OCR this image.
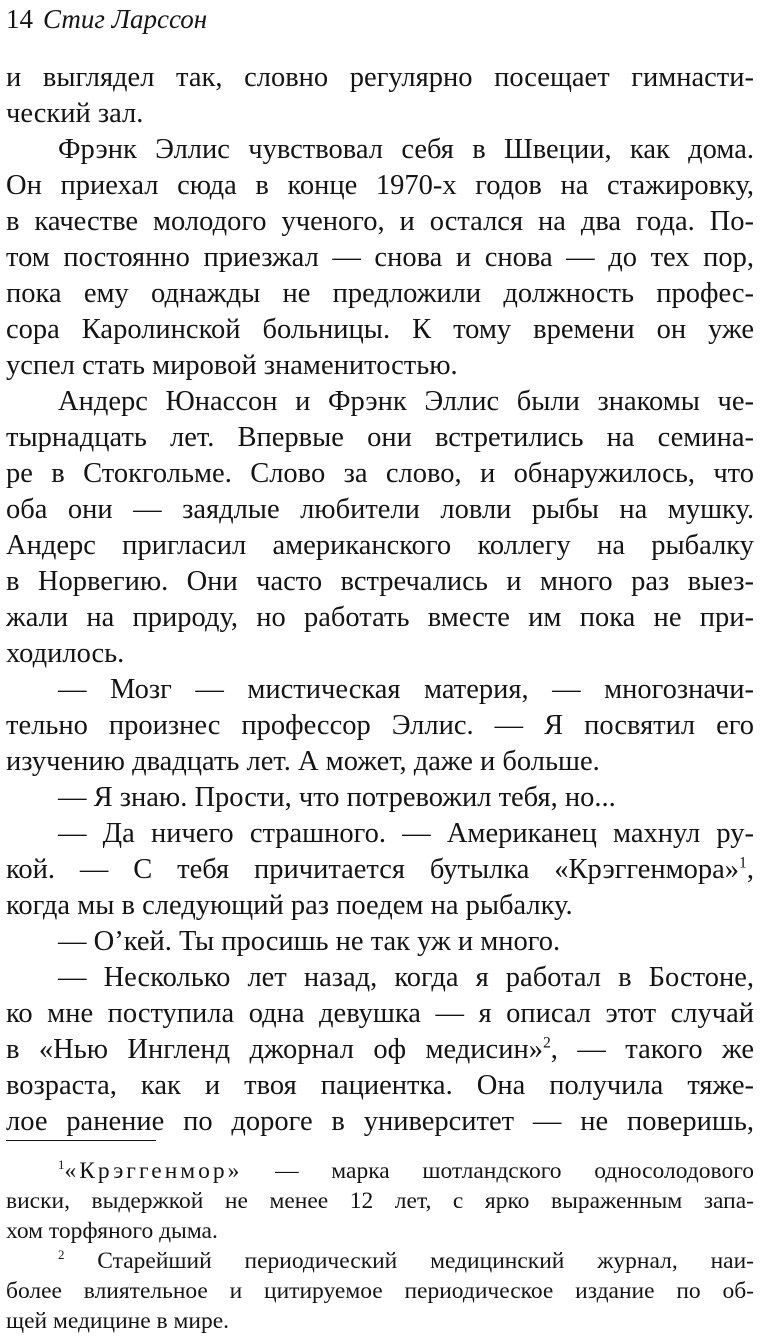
14 Стиг Ларссон
и выглядел так, словно регулярно посещает гимнасти-
ческий зал.
Фрэнк Эллис чувствовал себя в Швеции, как дома.
Он приехал сюда в конце 1970-х годов на стажировку,
в качестве молодого ученого, и остался на два года. По-
том постоянно приезжал — снова и снова — до тех пор,
пока ему однажды не предложили должность профес-
сора Каролинской больницы. К тому времени он уже
успел стать мировой знаменитостью.
Андерс Юнассон и Фрэнк Эллис были знакомы че-
тырнадцать лет. Впервые они встретились на семина-
ре в Стокгольме. Слово за слово, и обнаружилось, что
оба они — заядлые любители ловли рыбы на мушку.
Андерс пригласил американского коллегу на рыбалку
в Норвегию. Они часто встречались и много раз выез-
жали на природу, но работать вместе им пока не при-
ходилось.
— Мозг — мистическая материя, — многозначи-
тельно произнес профессор Эллис. — Я посвятил его
изучению двадцать лет. А может, даже и больше.
— Я знаю. Прости, что потревожил тебя, но...
— Да ничего страшного. — Американец махнул ру-
кой. — С тебя причитается бутылка «Крэггенмора»$^1$,
когда мы в следующий раз поедем на рыбалку.
— О’кей. Ты просишь не так уж и много.
— Несколько лет назад, когда я работал в Бостоне,
ко мне поступила одна девушка — я описал этот случай
в «Нью Ингленд джорнал оф медисин»$^2$, — такого же
возраста, как и твоя пациентка. Она получила тяже-
лое ранение по дороге в университет — не поверишь,
$^1$«Крэггенмор» — марка шотландского односолодового
виски, выдержкой не менее 12 лет, с ярко выраженным запа-
хом торфяного дыма.
$^2$ Старейший периодический медицинский журнал, наи-
более влиятельное и цитируемое периодическое издание по об-
щей медицине в мире.
